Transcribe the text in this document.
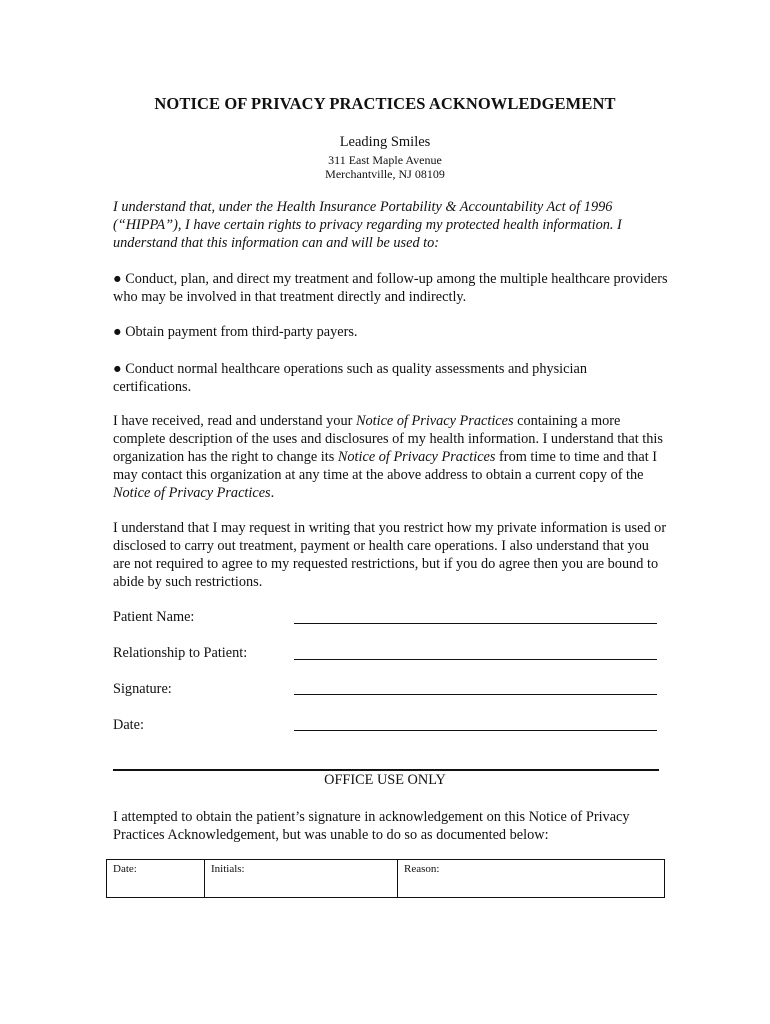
NOTICE OF PRIVACY PRACTICES ACKNOWLEDGEMENT
Leading Smiles
311 East Maple Avenue
Merchantville, NJ 08109
I understand that, under the Health Insurance Portability & Accountability Act of 1996 (“HIPPA”), I have certain rights to privacy regarding my protected health information. I understand that this information can and will be used to:
● Conduct, plan, and direct my treatment and follow-up among the multiple healthcare providers who may be involved in that treatment directly and indirectly.
● Obtain payment from third-party payers.
● Conduct normal healthcare operations such as quality assessments and physician certifications.
I have received, read and understand your Notice of Privacy Practices containing a more complete description of the uses and disclosures of my health information. I understand that this organization has the right to change its Notice of Privacy Practices from time to time and that I may contact this organization at any time at the above address to obtain a current copy of the Notice of Privacy Practices.
I understand that I may request in writing that you restrict how my private information is used or disclosed to carry out treatment, payment or health care operations. I also understand that you are not required to agree to my requested restrictions, but if you do agree then you are bound to abide by such restrictions.
Patient Name:
Relationship to Patient:
Signature:
Date:
OFFICE USE ONLY
I attempted to obtain the patient’s signature in acknowledgement on this Notice of Privacy Practices Acknowledgement, but was unable to do so as documented below:
Date:	Initials:	Reason:
